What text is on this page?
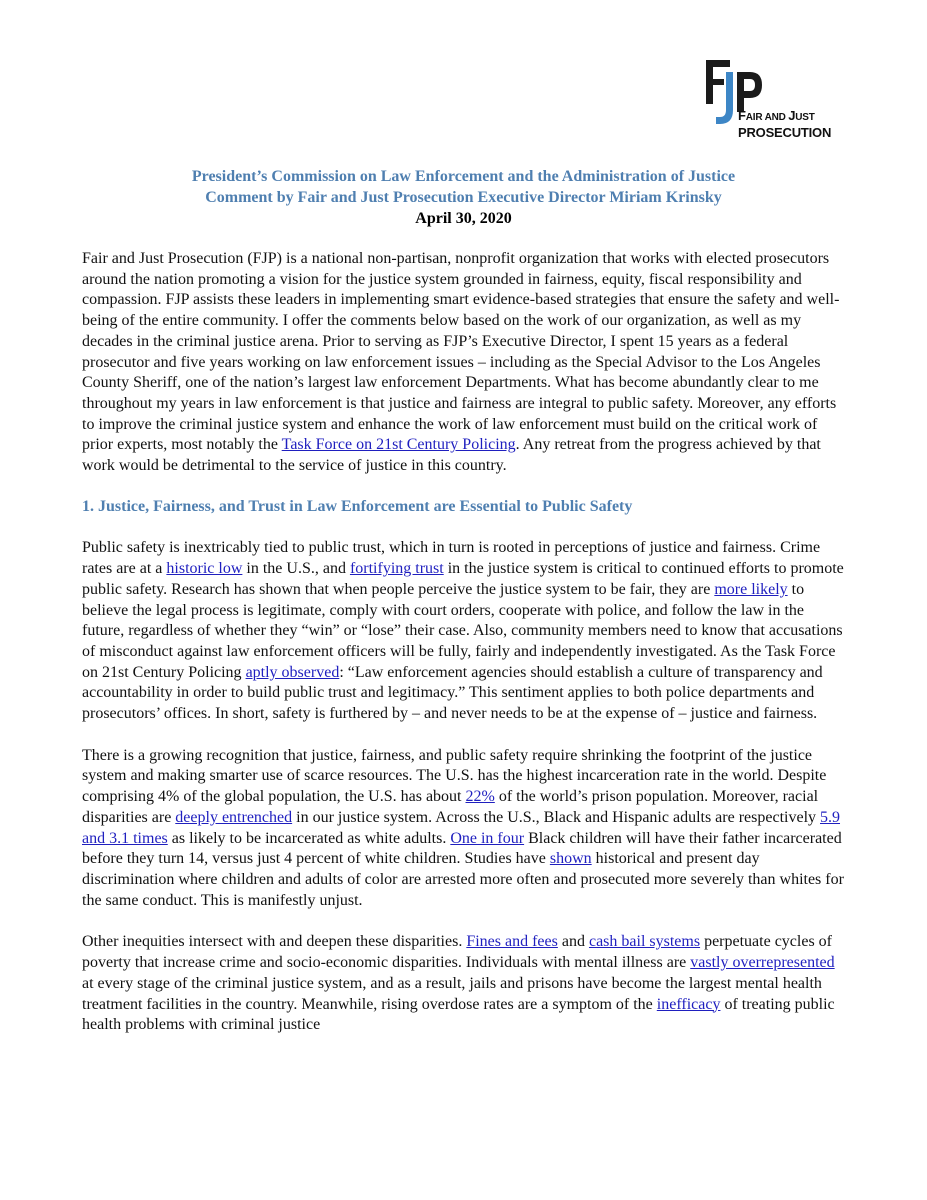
FAIR AND JUST
PROSECUTION
President’s Commission on Law Enforcement and the Administration of Justice
Comment by Fair and Just Prosecution Executive Director Miriam Krinsky
April 30, 2020

Fair and Just Prosecution (FJP) is a national non-partisan, nonprofit organization that works with elected prosecutors around the nation promoting a vision for the justice system grounded in fairness, equity, fiscal responsibility and compassion. FJP assists these leaders in implementing smart evidence-based strategies that ensure the safety and well-being of the entire community. I offer the comments below based on the work of our organization, as well as my decades in the criminal justice arena. Prior to serving as FJP’s Executive Director, I spent 15 years as a federal prosecutor and five years working on law enforcement issues – including as the Special Advisor to the Los Angeles County Sheriff, one of the nation’s largest law enforcement Departments. What has become abundantly clear to me throughout my years in law enforcement is that justice and fairness are integral to public safety. Moreover, any efforts to improve the criminal justice system and enhance the work of law enforcement must build on the critical work of prior experts, most notably the Task Force on 21st Century Policing. Any retreat from the progress achieved by that work would be detrimental to the service of justice in this country.

1. Justice, Fairness, and Trust in Law Enforcement are Essential to Public Safety

Public safety is inextricably tied to public trust, which in turn is rooted in perceptions of justice and fairness. Crime rates are at a historic low in the U.S., and fortifying trust in the justice system is critical to continued efforts to promote public safety. Research has shown that when people perceive the justice system to be fair, they are more likely to believe the legal process is legitimate, comply with court orders, cooperate with police, and follow the law in the future, regardless of whether they “win” or “lose” their case. Also, community members need to know that accusations of misconduct against law enforcement officers will be fully, fairly and independently investigated. As the Task Force on 21st Century Policing aptly observed: “Law enforcement agencies should establish a culture of transparency and accountability in order to build public trust and legitimacy.” This sentiment applies to both police departments and prosecutors’ offices. In short, safety is furthered by – and never needs to be at the expense of – justice and fairness.

There is a growing recognition that justice, fairness, and public safety require shrinking the footprint of the justice system and making smarter use of scarce resources. The U.S. has the highest incarceration rate in the world. Despite comprising 4% of the global population, the U.S. has about 22% of the world’s prison population. Moreover, racial disparities are deeply entrenched in our justice system. Across the U.S., Black and Hispanic adults are respectively 5.9 and 3.1 times as likely to be incarcerated as white adults. One in four Black children will have their father incarcerated before they turn 14, versus just 4 percent of white children. Studies have shown historical and present day discrimination where children and adults of color are arrested more often and prosecuted more severely than whites for the same conduct. This is manifestly unjust.

Other inequities intersect with and deepen these disparities. Fines and fees and cash bail systems perpetuate cycles of poverty that increase crime and socio-economic disparities. Individuals with mental illness are vastly overrepresented at every stage of the criminal justice system, and as a result, jails and prisons have become the largest mental health treatment facilities in the country. Meanwhile, rising overdose rates are a symptom of the inefficacy of treating public health problems with criminal justice
